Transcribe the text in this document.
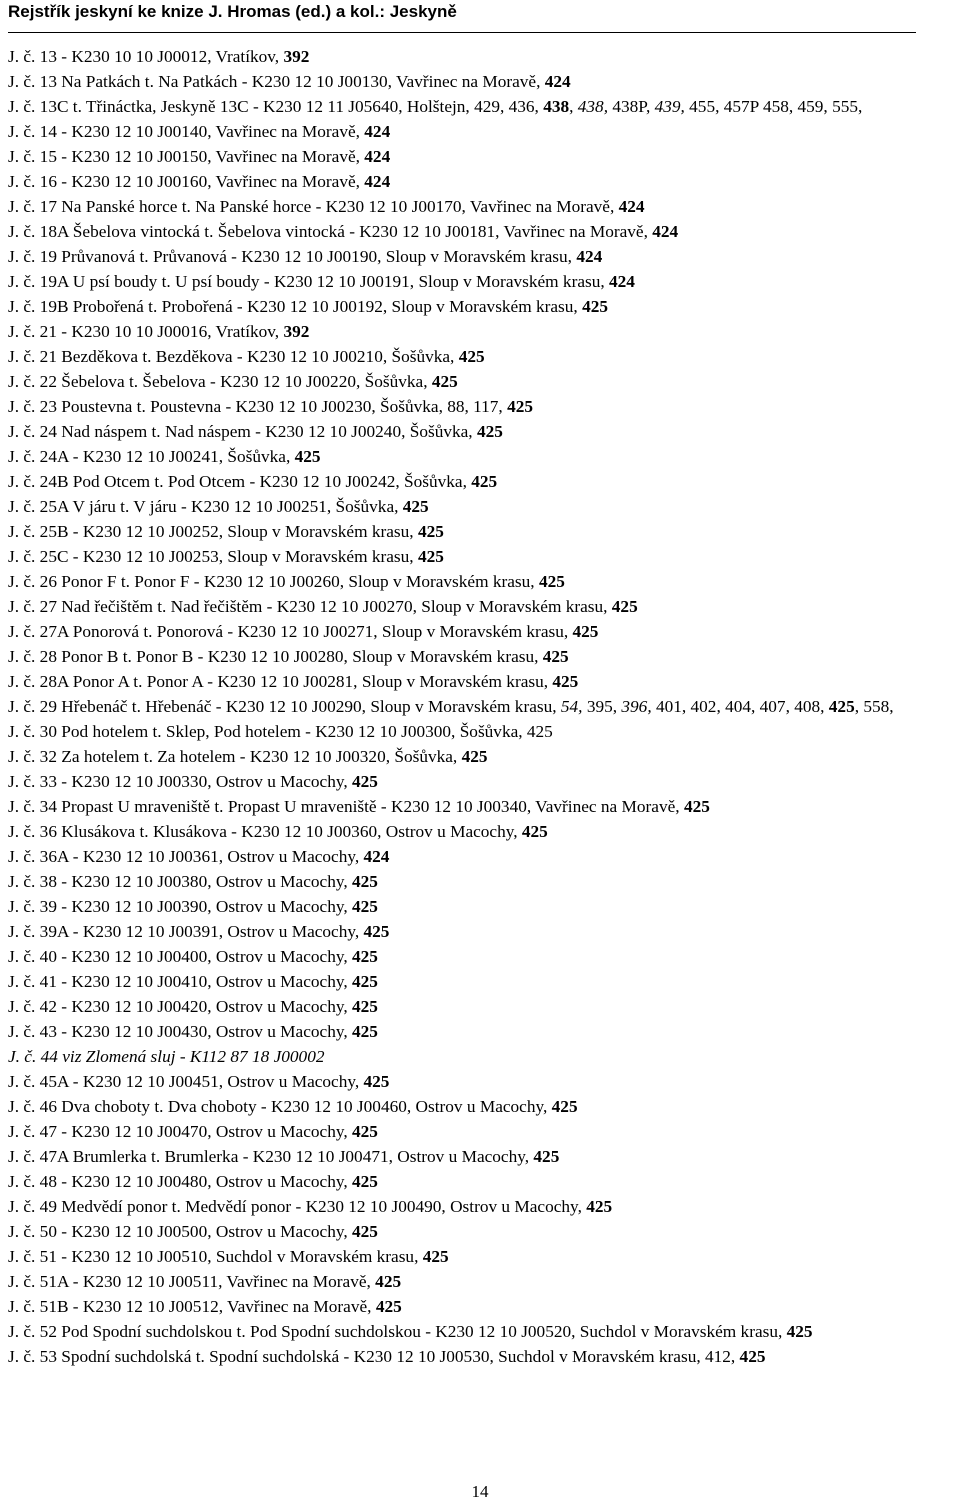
Rejstřík jeskyní ke knize J. Hromas (ed.) a kol.: Jeskyně
J. č. 13 - K230 10 10 J00012, Vratíkov, 392
J. č. 13 Na Patkách t. Na Patkách - K230 12 10 J00130, Vavřinec na Moravě, 424
J. č. 13C t. Třináctka, Jeskyně 13C - K230 12 11 J05640, Holštejn, 429, 436, 438, 438, 438P, 439, 455, 457P 458, 459, 555,
J. č. 14 - K230 12 10 J00140, Vavřinec na Moravě, 424
J. č. 15 - K230 12 10 J00150, Vavřinec na Moravě, 424
J. č. 16 - K230 12 10 J00160, Vavřinec na Moravě, 424
J. č. 17 Na Panské horce t. Na Panské horce - K230 12 10 J00170, Vavřinec na Moravě, 424
J. č. 18A Šebelova vintocká t. Šebelova vintocká - K230 12 10 J00181, Vavřinec na Moravě, 424
J. č. 19 Průvanová t. Průvanová - K230 12 10 J00190, Sloup v Moravském krasu, 424
J. č. 19A U psí boudy t. U psí boudy - K230 12 10 J00191, Sloup v Moravském krasu, 424
J. č. 19B Probořená t. Probořená - K230 12 10 J00192, Sloup v Moravském krasu, 425
J. č. 21 - K230 10 10 J00016, Vratíkov, 392
J. č. 21 Bezděkova t. Bezděkova - K230 12 10 J00210, Šošůvka, 425
J. č. 22 Šebelova t. Šebelova - K230 12 10 J00220, Šošůvka, 425
J. č. 23 Poustevna t. Poustevna - K230 12 10 J00230, Šošůvka, 88, 117, 425
J. č. 24 Nad náspem t. Nad náspem - K230 12 10 J00240, Šošůvka, 425
J. č. 24A - K230 12 10 J00241, Šošůvka, 425
J. č. 24B Pod Otcem t. Pod Otcem - K230 12 10 J00242, Šošůvka, 425
J. č. 25A V járu t. V járu - K230 12 10 J00251, Šošůvka, 425
J. č. 25B - K230 12 10 J00252, Sloup v Moravském krasu, 425
J. č. 25C - K230 12 10 J00253, Sloup v Moravském krasu, 425
J. č. 26 Ponor F t. Ponor F - K230 12 10 J00260, Sloup v Moravském krasu, 425
J. č. 27 Nad řečištěm t. Nad řečištěm - K230 12 10 J00270, Sloup v Moravském krasu, 425
J. č. 27A Ponorová t. Ponorová - K230 12 10 J00271, Sloup v Moravském krasu, 425
J. č. 28 Ponor B t. Ponor B - K230 12 10 J00280, Sloup v Moravském krasu, 425
J. č. 28A Ponor A t. Ponor A - K230 12 10 J00281, Sloup v Moravském krasu, 425
J. č. 29 Hřebenáč t. Hřebenáč - K230 12 10 J00290, Sloup v Moravském krasu, 54, 395, 396, 401, 402, 404, 407, 408, 425, 558,
J. č. 30 Pod hotelem t. Sklep, Pod hotelem - K230 12 10 J00300, Šošůvka, 425
J. č. 32 Za hotelem t. Za hotelem - K230 12 10 J00320, Šošůvka, 425
J. č. 33 - K230 12 10 J00330, Ostrov u Macochy, 425
J. č. 34 Propast U mraveniště t. Propast U mraveniště - K230 12 10 J00340, Vavřinec na Moravě, 425
J. č. 36 Klusákova t. Klusákova - K230 12 10 J00360, Ostrov u Macochy, 425
J. č. 36A - K230 12 10 J00361, Ostrov u Macochy, 424
J. č. 38 - K230 12 10 J00380, Ostrov u Macochy, 425
J. č. 39 - K230 12 10 J00390, Ostrov u Macochy, 425
J. č. 39A - K230 12 10 J00391, Ostrov u Macochy, 425
J. č. 40 - K230 12 10 J00400, Ostrov u Macochy, 425
J. č. 41 - K230 12 10 J00410, Ostrov u Macochy, 425
J. č. 42 - K230 12 10 J00420, Ostrov u Macochy, 425
J. č. 43 - K230 12 10 J00430, Ostrov u Macochy, 425
J. č. 44 viz Zlomená sluj - K112 87 18 J00002
J. č. 45A - K230 12 10 J00451, Ostrov u Macochy, 425
J. č. 46 Dva choboty t. Dva choboty - K230 12 10 J00460, Ostrov u Macochy, 425
J. č. 47 - K230 12 10 J00470, Ostrov u Macochy, 425
J. č. 47A Brumlerka t. Brumlerka - K230 12 10 J00471, Ostrov u Macochy, 425
J. č. 48 - K230 12 10 J00480, Ostrov u Macochy, 425
J. č. 49 Medvědí ponor t. Medvědí ponor - K230 12 10 J00490, Ostrov u Macochy, 425
J. č. 50 - K230 12 10 J00500, Ostrov u Macochy, 425
J. č. 51 - K230 12 10 J00510, Suchdol v Moravském krasu, 425
J. č. 51A - K230 12 10 J00511, Vavřinec na Moravě, 425
J. č. 51B - K230 12 10 J00512, Vavřinec na Moravě, 425
J. č. 52 Pod Spodní suchdolskou t. Pod Spodní suchdolskou - K230 12 10 J00520, Suchdol v Moravském krasu, 425
J. č. 53 Spodní suchdolská t. Spodní suchdolská - K230 12 10 J00530, Suchdol v Moravském krasu, 412, 425
14
